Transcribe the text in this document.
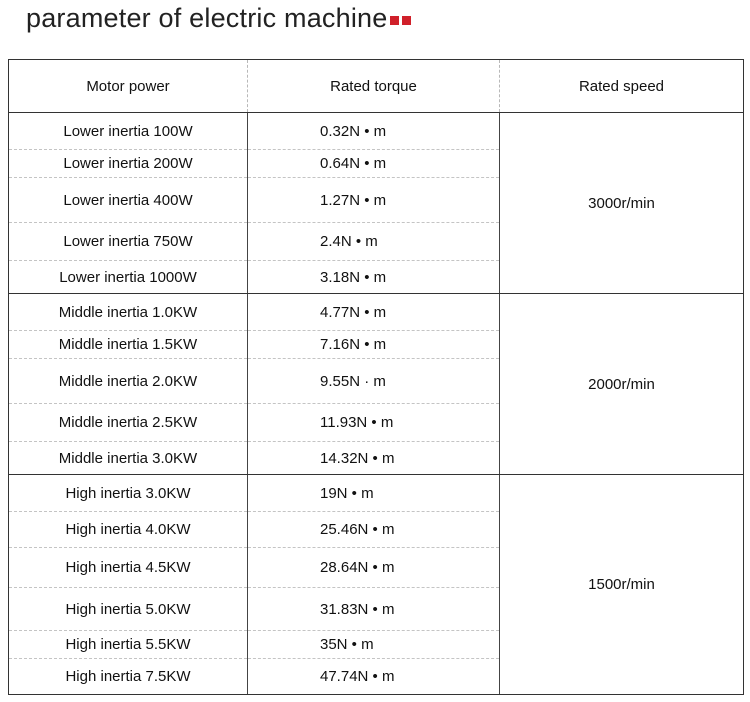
parameter of electric machine
Motor power	Rated torque	Rated speed
Lower inertia 100W	0.32N • m	3000r/min
Lower inertia 200W	0.64N • m	
Lower inertia 400W	1.27N • m	
Lower inertia 750W	2.4N • m	
Lower inertia 1000W	3.18N • m	
Middle inertia 1.0KW	4.77N • m	2000r/min
Middle inertia 1.5KW	7.16N • m	
Middle inertia 2.0KW	9.55N · m	
Middle inertia 2.5KW	11.93N • m	
Middle inertia 3.0KW	14.32N • m	
High inertia 3.0KW	19N • m	1500r/min
High inertia 4.0KW	25.46N • m	
High inertia 4.5KW	28.64N • m	
High inertia 5.0KW	31.83N • m	
High inertia 5.5KW	35N • m	
High inertia 7.5KW	47.74N • m	
